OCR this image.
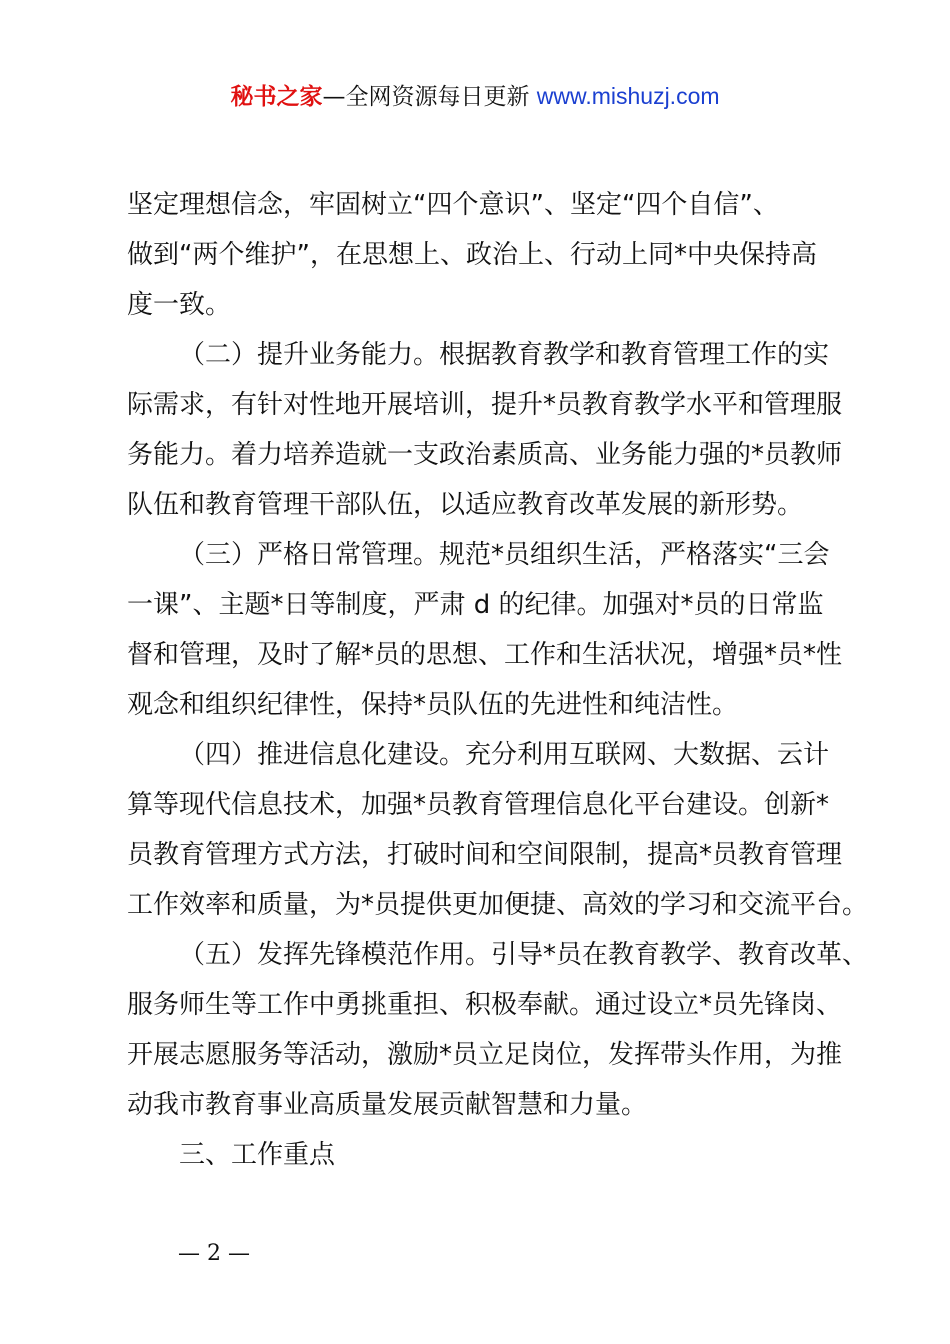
秘书之家—全网资源每日更新 www.mishuzj.com
坚定理想信念，牢固树立“四个意识”、坚定“四个自信”、
做到“两个维护”，在思想上、政治上、行动上同*中央保持高
度一致。
（二）提升业务能力。根据教育教学和教育管理工作的实
际需求，有针对性地开展培训，提升*员教育教学水平和管理服
务能力。着力培养造就一支政治素质高、业务能力强的*员教师
队伍和教育管理干部队伍，以适应教育改革发展的新形势。
（三）严格日常管理。规范*员组织生活，严格落实“三会
一课”、主题*日等制度，严肃 d 的纪律。加强对*员的日常监
督和管理，及时了解*员的思想、工作和生活状况，增强*员*性
观念和组织纪律性，保持*员队伍的先进性和纯洁性。
（四）推进信息化建设。充分利用互联网、大数据、云计
算等现代信息技术，加强*员教育管理信息化平台建设。创新*
员教育管理方式方法，打破时间和空间限制，提高*员教育管理
工作效率和质量，为*员提供更加便捷、高效的学习和交流平台。
（五）发挥先锋模范作用。引导*员在教育教学、教育改革、
服务师生等工作中勇挑重担、积极奉献。通过设立*员先锋岗、
开展志愿服务等活动，激励*员立足岗位，发挥带头作用，为推
动我市教育事业高质量发展贡献智慧和力量。
三、工作重点
— 2 —
